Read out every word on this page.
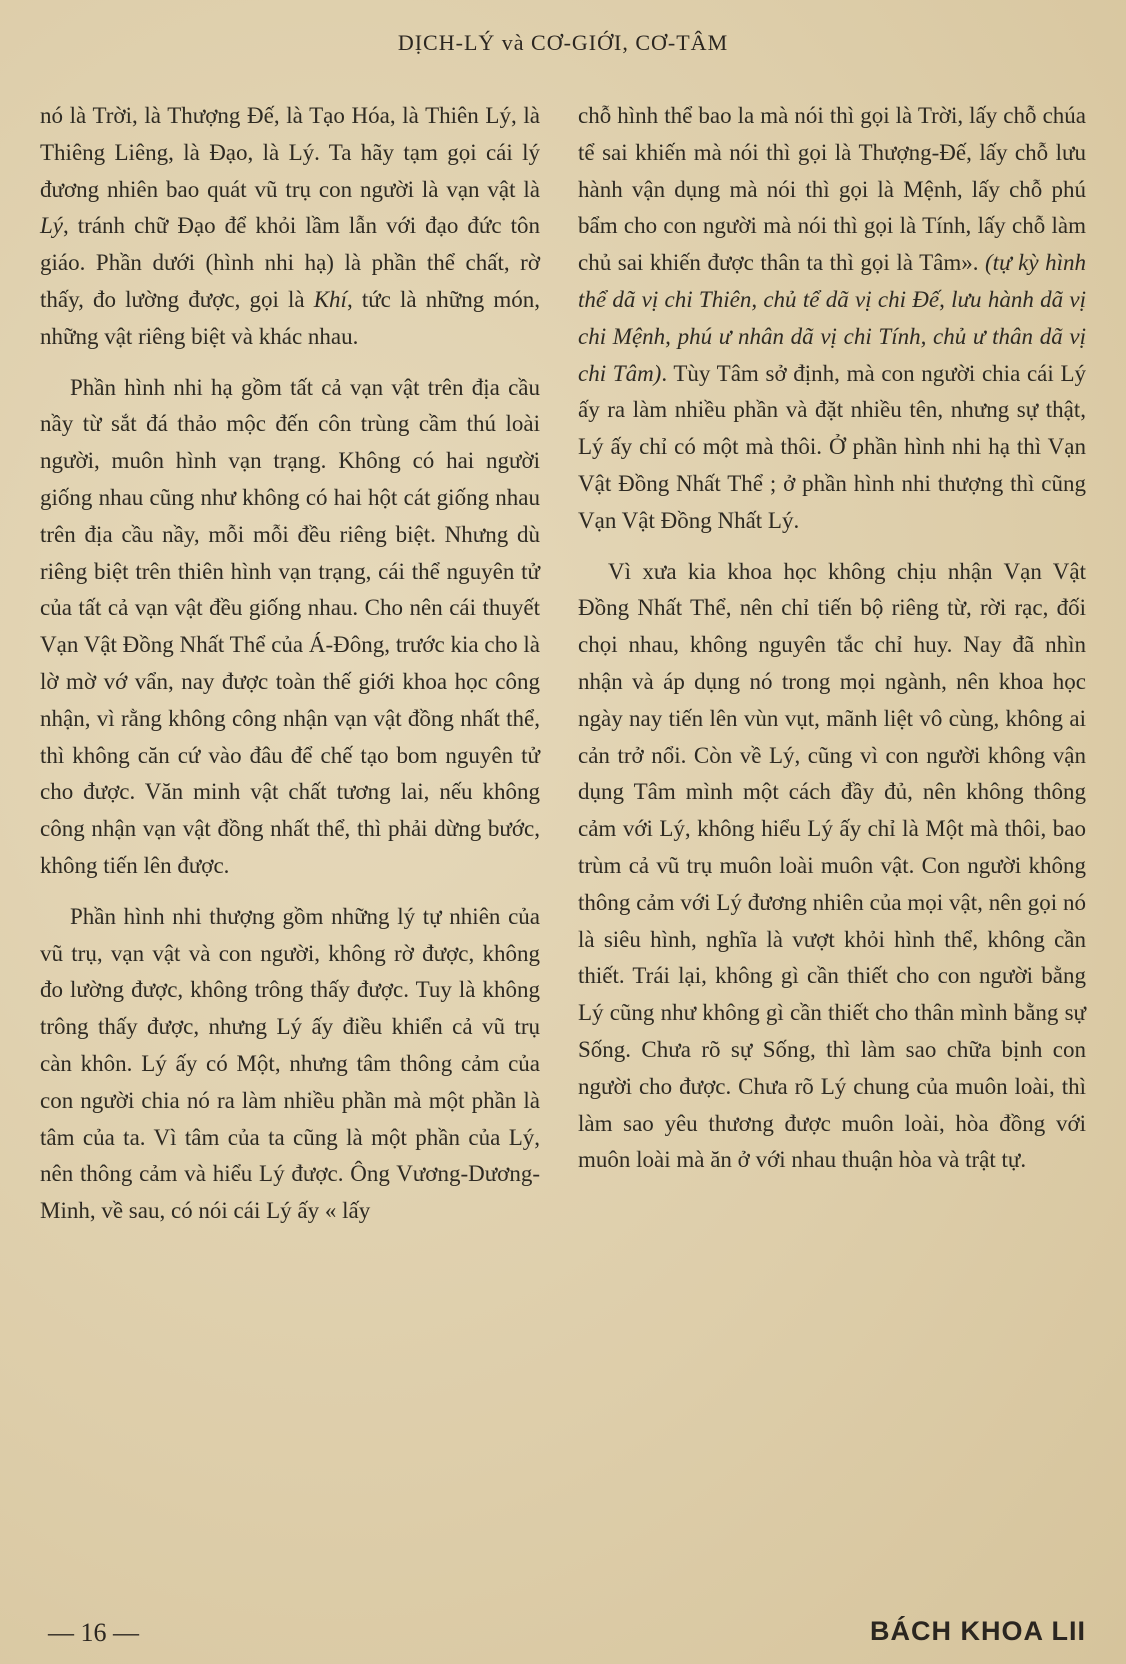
DỊCH-LÝ và CƠ-GIỚI, CƠ-TÂM

nó là Trời, là Thượng Đế, là Tạo Hóa, là Thiên Lý, là Thiêng Liêng, là Đạo, là Lý. Ta hãy tạm gọi cái lý đương nhiên bao quát vũ trụ con người là vạn vật là Lý, tránh chữ Đạo để khỏi lầm lẫn với đạo đức tôn giáo. Phần dưới (hình nhi hạ) là phần thể chất, rờ thấy, đo lường được, gọi là Khí, tức là những món, những vật riêng biệt và khác nhau.

Phần hình nhi hạ gồm tất cả vạn vật trên địa cầu nầy từ sắt đá thảo mộc đến côn trùng cầm thú loài người, muôn hình vạn trạng. Không có hai người giống nhau cũng như không có hai hột cát giống nhau trên địa cầu nầy, mỗi mỗi đều riêng biệt. Nhưng dù riêng biệt trên thiên hình vạn trạng, cái thể nguyên tử của tất cả vạn vật đều giống nhau. Cho nên cái thuyết Vạn Vật Đồng Nhất Thể của Á-Đông, trước kia cho là lờ mờ vớ vẩn, nay được toàn thế giới khoa học công nhận, vì rằng không công nhận vạn vật đồng nhất thể, thì không căn cứ vào đâu để chế tạo bom nguyên tử cho được. Văn minh vật chất tương lai, nếu không công nhận vạn vật đồng nhất thể, thì phải dừng bước, không tiến lên được.

Phần hình nhi thượng gồm những lý tự nhiên của vũ trụ, vạn vật và con người, không rờ được, không đo lường được, không trông thấy được. Tuy là không trông thấy được, nhưng Lý ấy điều khiển cả vũ trụ càn khôn. Lý ấy có Một, nhưng tâm thông cảm của con người chia nó ra làm nhiều phần mà một phần là tâm của ta. Vì tâm của ta cũng là một phần của Lý, nên thông cảm và hiểu Lý được. Ông Vương-Dương-Minh, về sau, có nói cái Lý ấy « lấy

chỗ hình thể bao la mà nói thì gọi là Trời, lấy chỗ chúa tể sai khiến mà nói thì gọi là Thượng-Đế, lấy chỗ lưu hành vận dụng mà nói thì gọi là Mệnh, lấy chỗ phú bẩm cho con người mà nói thì gọi là Tính, lấy chỗ làm chủ sai khiến được thân ta thì gọi là Tâm». (tự kỳ hình thể dã vị chi Thiên, chủ tể dã vị chi Đế, lưu hành dã vị chi Mệnh, phú ư nhân dã vị chi Tính, chủ ư thân dã vị chi Tâm). Tùy Tâm sở định, mà con người chia cái Lý ấy ra làm nhiều phần và đặt nhiều tên, nhưng sự thật, Lý ấy chỉ có một mà thôi. Ở phần hình nhi hạ thì Vạn Vật Đồng Nhất Thể ; ở phần hình nhi thượng thì cũng Vạn Vật Đồng Nhất Lý.

Vì xưa kia khoa học không chịu nhận Vạn Vật Đồng Nhất Thể, nên chỉ tiến bộ riêng từ, rời rạc, đối chọi nhau, không nguyên tắc chỉ huy. Nay đã nhìn nhận và áp dụng nó trong mọi ngành, nên khoa học ngày nay tiến lên vùn vụt, mãnh liệt vô cùng, không ai cản trở nổi. Còn về Lý, cũng vì con người không vận dụng Tâm mình một cách đầy đủ, nên không thông cảm với Lý, không hiểu Lý ấy chỉ là Một mà thôi, bao trùm cả vũ trụ muôn loài muôn vật. Con người không thông cảm với Lý đương nhiên của mọi vật, nên gọi nó là siêu hình, nghĩa là vượt khỏi hình thể, không cần thiết. Trái lại, không gì cần thiết cho con người bằng Lý cũng như không gì cần thiết cho thân mình bằng sự Sống. Chưa rõ sự Sống, thì làm sao chữa bịnh con người cho được. Chưa rõ Lý chung của muôn loài, thì làm sao yêu thương được muôn loài, hòa đồng với muôn loài mà ăn ở với nhau thuận hòa và trật tự.

— 16 —	BÁCH KHOA LII
